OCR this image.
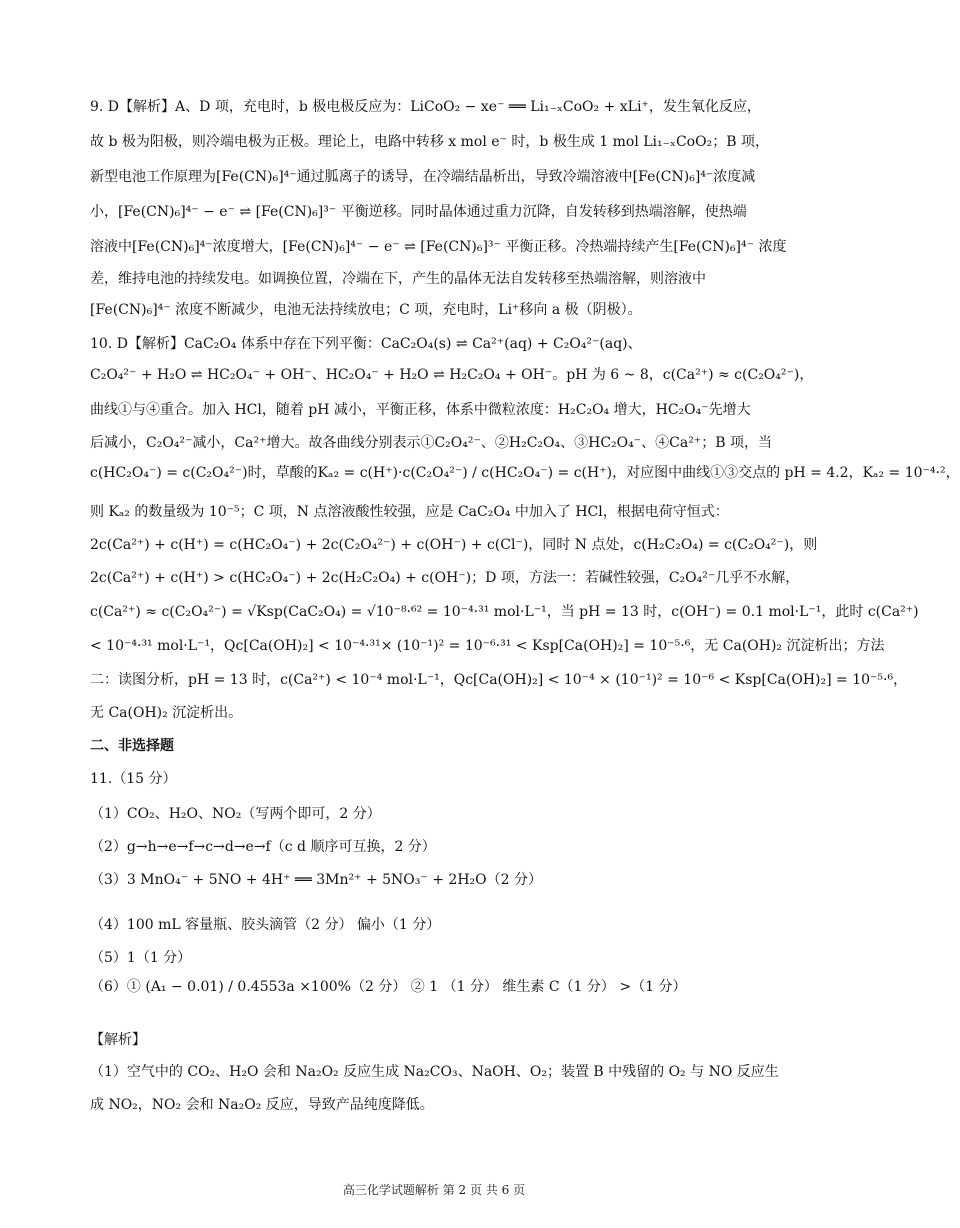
9. D【解析】A、D 项，充电时，b 极电极反应为：LiCoO₂ − xe⁻ ══ Li₁₋ₓCoO₂ + xLi⁺，发生氧化反应，
故 b 极为阳极，则冷端电极为正极。理论上，电路中转移 x mol e⁻ 时，b 极生成 1 mol Li₁₋ₓCoO₂；B 项，
新型电池工作原理为[Fe(CN)₆]⁴⁻通过胍离子的诱导，在冷端结晶析出，导致冷端溶液中[Fe(CN)₆]⁴⁻浓度减
小，[Fe(CN)₆]⁴⁻ − e⁻ ⇌ [Fe(CN)₆]³⁻ 平衡逆移。同时晶体通过重力沉降，自发转移到热端溶解，使热端
溶液中[Fe(CN)₆]⁴⁻浓度增大，[Fe(CN)₆]⁴⁻ − e⁻ ⇌ [Fe(CN)₆]³⁻ 平衡正移。冷热端持续产生[Fe(CN)₆]⁴⁻ 浓度
差，维持电池的持续发电。如调换位置，冷端在下，产生的晶体无法自发转移至热端溶解，则溶液中
[Fe(CN)₆]⁴⁻ 浓度不断减少，电池无法持续放电；C 项，充电时，Li⁺移向 a 极（阴极）。
10. D【解析】CaC₂O₄ 体系中存在下列平衡：CaC₂O₄(s) ⇌ Ca²⁺(aq) + C₂O₄²⁻(aq)、
C₂O₄²⁻ + H₂O ⇌ HC₂O₄⁻ + OH⁻、HC₂O₄⁻ + H₂O ⇌ H₂C₂O₄ + OH⁻。pH 为 6 ~ 8，c(Ca²⁺) ≈ c(C₂O₄²⁻)，
曲线①与④重合。加入 HCl，随着 pH 减小，平衡正移，体系中微粒浓度：H₂C₂O₄ 增大，HC₂O₄⁻先增大
后减小，C₂O₄²⁻减小，Ca²⁺增大。故各曲线分别表示①C₂O₄²⁻、②H₂C₂O₄、③HC₂O₄⁻、④Ca²⁺；B 项，当
c(HC₂O₄⁻) = c(C₂O₄²⁻)时，草酸的Kₐ₂ = c(H⁺)·c(C₂O₄²⁻) / c(HC₂O₄⁻) = c(H⁺)，对应图中曲线①③交点的 pH = 4.2，Kₐ₂ = 10⁻⁴·²，
则 Kₐ₂ 的数量级为 10⁻⁵；C 项，N 点溶液酸性较强，应是 CaC₂O₄ 中加入了 HCl，根据电荷守恒式：
2c(Ca²⁺) + c(H⁺) = c(HC₂O₄⁻) + 2c(C₂O₄²⁻) + c(OH⁻) + c(Cl⁻)，同时 N 点处，c(H₂C₂O₄) = c(C₂O₄²⁻)，则
2c(Ca²⁺) + c(H⁺) > c(HC₂O₄⁻) + 2c(H₂C₂O₄) + c(OH⁻)；D 项，方法一：若碱性较强，C₂O₄²⁻几乎不水解，
c(Ca²⁺) ≈ c(C₂O₄²⁻) = √Ksp(CaC₂O₄) = √10⁻⁸·⁶² = 10⁻⁴·³¹ mol·L⁻¹，当 pH = 13 时，c(OH⁻) = 0.1 mol·L⁻¹，此时 c(Ca²⁺)
< 10⁻⁴·³¹ mol·L⁻¹，Qc[Ca(OH)₂] < 10⁻⁴·³¹× (10⁻¹)² = 10⁻⁶·³¹ < Ksp[Ca(OH)₂] = 10⁻⁵·⁶，无 Ca(OH)₂ 沉淀析出；方法
二：读图分析，pH = 13 时，c(Ca²⁺) < 10⁻⁴ mol·L⁻¹，Qc[Ca(OH)₂] < 10⁻⁴ × (10⁻¹)² = 10⁻⁶ < Ksp[Ca(OH)₂] = 10⁻⁵·⁶，
无 Ca(OH)₂ 沉淀析出。
二、非选择题
11.（15 分）
（1）CO₂、H₂O、NO₂（写两个即可，2 分）
（2）g→h→e→f→c→d→e→f（c d 顺序可互换，2 分）
（3）3 MnO₄⁻ + 5NO + 4H⁺ ══ 3Mn²⁺ + 5NO₃⁻ + 2H₂O（2 分）
（4）100 mL 容量瓶、胶头滴管（2 分） 偏小（1 分）
（5）1（1 分）
（6）① (A₁ − 0.01) / 0.4553a ×100%（2 分） ② 1 （1 分） 维生素 C（1 分） >（1 分）
【解析】
（1）空气中的 CO₂、H₂O 会和 Na₂O₂ 反应生成 Na₂CO₃、NaOH、O₂；装置 B 中残留的 O₂ 与 NO 反应生
成 NO₂，NO₂ 会和 Na₂O₂ 反应，导致产品纯度降低。
高三化学试题解析 第 2 页 共 6 页
